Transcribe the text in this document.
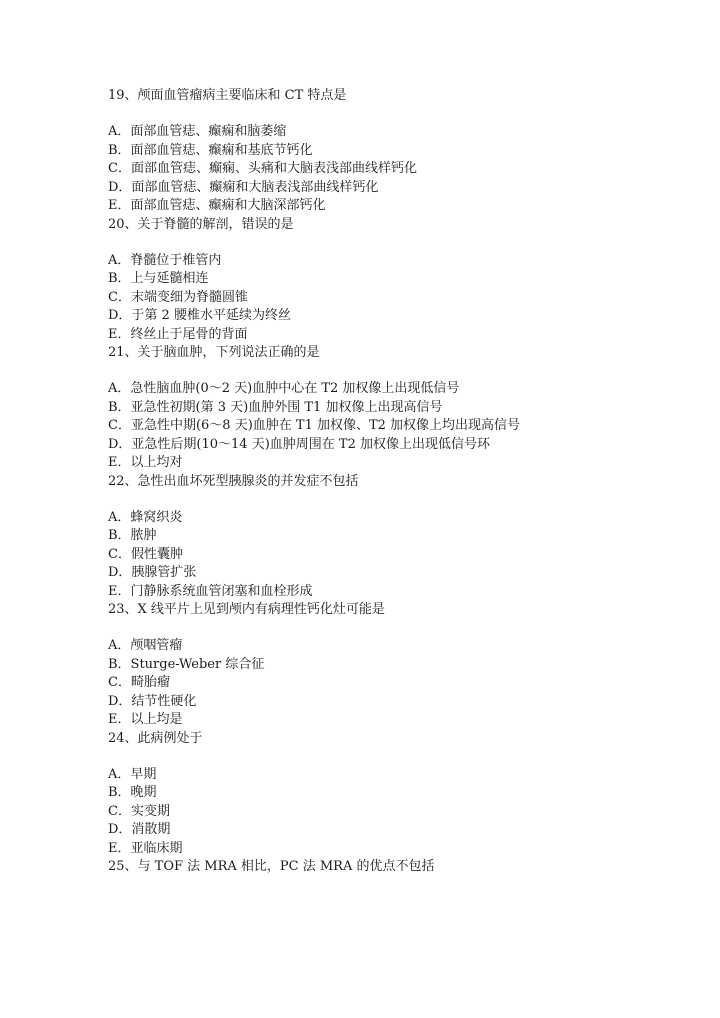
19、颅面血管瘤病主要临床和 CT 特点是

A．面部血管痣、癫痫和脑萎缩

B．面部血管痣、癫痫和基底节钙化

C．面部血管痣、癫痫、头痛和大脑表浅部曲线样钙化

D．面部血管痣、癫痫和大脑表浅部曲线样钙化

E．面部血管痣、癫痫和大脑深部钙化

20、关于脊髓的解剖，错误的是

A．脊髓位于椎管内

B．上与延髓相连

C．末端变细为脊髓圆锥

D．于第 2 腰椎水平延续为终丝

E．终丝止于尾骨的背面

21、关于脑血肿，下列说法正确的是

A．急性脑血肿(0～2 天)血肿中心在 T2 加权像上出现低信号

B．亚急性初期(第 3 天)血肿外围 T1 加权像上出现高信号

C．亚急性中期(6～8 天)血肿在 T1 加权像、T2 加权像上均出现高信号

D．亚急性后期(10～14 天)血肿周围在 T2 加权像上出现低信号环

E．以上均对

22、急性出血坏死型胰腺炎的并发症不包括

A．蜂窝织炎

B．脓肿

C．假性囊肿

D．胰腺管扩张

E．门静脉系统血管闭塞和血栓形成

23、X 线平片上见到颅内有病理性钙化灶可能是

A．颅咽管瘤

B．Sturge-Weber 综合征

C．畸胎瘤

D．结节性硬化

E．以上均是

24、此病例处于

A．早期

B．晚期

C．实变期

D．消散期

E．亚临床期

25、与 TOF 法 MRA 相比，PC 法 MRA 的优点不包括
